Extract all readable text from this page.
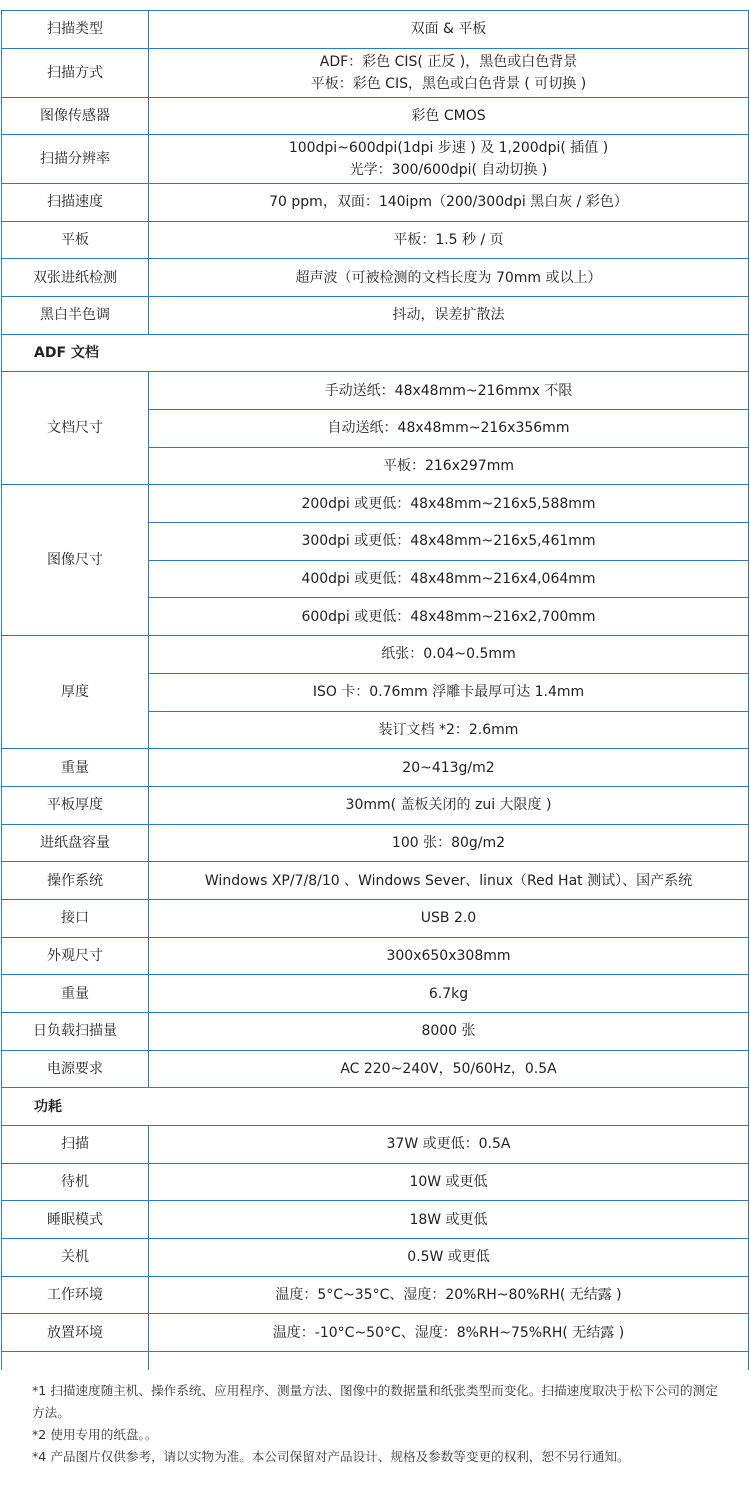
扫描类型	双面 & 平板

扫描方式	ADF：彩色 CIS( 正反 )，黑色或白色背景
平板：彩色 CIS，黑色或白色背景 ( 可切换 )

图像传感器	彩色 CMOS

扫描分辨率	100dpi~600dpi(1dpi 步速 ) 及 1,200dpi( 插值 )
光学：300/600dpi( 自动切换 )

扫描速度	70 ppm，双面：140ipm（200/300dpi 黑白灰 / 彩色）

平板	平板：1.5 秒 / 页

双张进纸检测	超声波（可被检测的文档长度为 70mm 或以上）

黑白半色调	抖动，误差扩散法

ADF 文档	
文档尺寸	手动送纸：48x48mm~216mmx 不限
	自动送纸：48x48mm~216x356mm
	平板：216x297mm
图像尺寸	200dpi 或更低：48x48mm~216x5,588mm
	300dpi 或更低：48x48mm~216x5,461mm
	400dpi 或更低：48x48mm~216x4,064mm
	600dpi 或更低：48x48mm~216x2,700mm
厚度	纸张：0.04~0.5mm
	ISO 卡：0.76mm 浮雕卡最厚可达 1.4mm
	装订文档 *2：2.6mm
重量	20~413g/m2

平板厚度	30mm( 盖板关闭的 zui 大限度 )

进纸盘容量	100 张：80g/m2

操作系统	Windows XP/7/8/10 、Windows Sever、linux（Red Hat 测试）、国产系统

接口	USB 2.0

外观尺寸	300x650x308mm

重量	6.7kg

日负载扫描量	8000 张

电源要求	AC 220~240V，50/60Hz，0.5A

功耗	
扫描	37W 或更低：0.5A

待机	10W 或更低

睡眠模式	18W 或更低

关机	0.5W 或更低

工作环境	温度：5°C~35°C、湿度：20%RH~80%RH( 无结露 )

放置环境	温度：-10°C~50°C、湿度：8%RH~75%RH( 无结露 )

*1 扫描速度随主机、操作系统、应用程序、测量方法、图像中的数据量和纸张类型而变化。扫描速度取决于松下公司的测定方法。

*2 使用专用的纸盘。。

*4 产品图片仅供参考，请以实物为准。本公司保留对产品设计、规格及参数等变更的权利，恕不另行通知。
